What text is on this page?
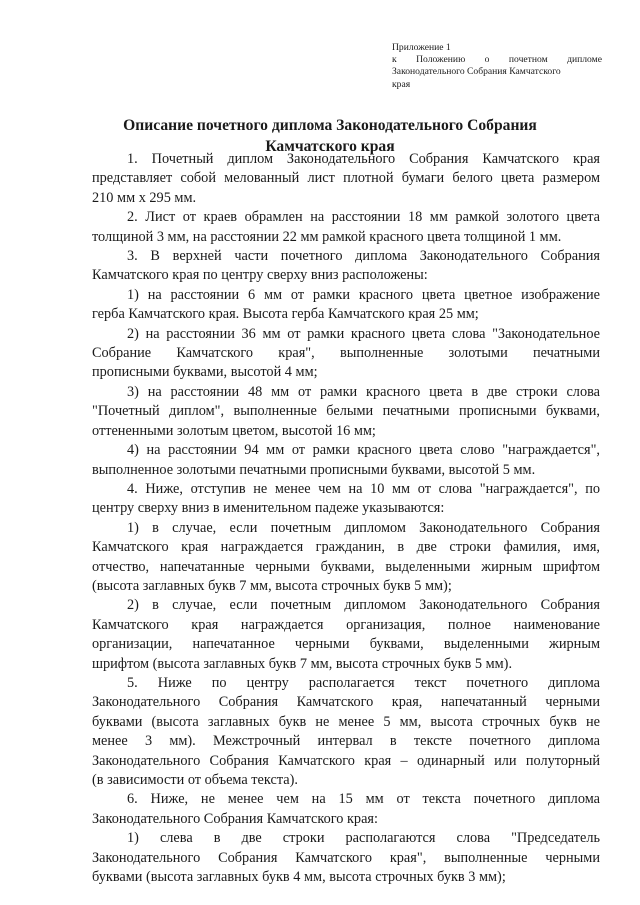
Приложение 1
к Положению о почетном дипломе
Законодательного Собрания Камчатского
края
Описание почетного диплома Законодательного Собрания
Камчатского края
1. Почетный диплом Законодательного Собрания Камчатского края
представляет собой мелованный лист плотной бумаги белого цвета размером
210 мм х 295 мм.
2. Лист от краев обрамлен на расстоянии 18 мм рамкой золотого цвета
толщиной 3 мм, на расстоянии 22 мм рамкой красного цвета толщиной 1 мм.
3. В верхней части почетного диплома Законодательного Собрания
Камчатского края по центру сверху вниз расположены:
1) на расстоянии 6 мм от рамки красного цвета цветное изображение
герба Камчатского края. Высота герба Камчатского края 25 мм;
2) на расстоянии 36 мм от рамки красного цвета слова "Законодательное
Собрание Камчатского края", выполненные золотыми печатными
прописными буквами, высотой 4 мм;
3) на расстоянии 48 мм от рамки красного цвета в две строки слова
"Почетный диплом", выполненные белыми печатными прописными буквами,
оттененными золотым цветом, высотой 16 мм;
4) на расстоянии 94 мм от рамки красного цвета слово "награждается",
выполненное золотыми печатными прописными буквами, высотой 5 мм.
4. Ниже, отступив не менее чем на 10 мм от слова "награждается", по
центру сверху вниз в именительном падеже указываются:
1) в случае, если почетным дипломом Законодательного Собрания
Камчатского края награждается гражданин, в две строки фамилия, имя,
отчество, напечатанные черными буквами, выделенными жирным шрифтом
(высота заглавных букв 7 мм, высота строчных букв 5 мм);
2) в случае, если почетным дипломом Законодательного Собрания
Камчатского края награждается организация, полное наименование
организации, напечатанное черными буквами, выделенными жирным
шрифтом (высота заглавных букв 7 мм, высота строчных букв 5 мм).
5. Ниже по центру располагается текст почетного диплома
Законодательного Собрания Камчатского края, напечатанный черными
буквами (высота заглавных букв не менее 5 мм, высота строчных букв не
менее 3 мм). Межстрочный интервал в тексте почетного диплома
Законодательного Собрания Камчатского края – одинарный или полуторный
(в зависимости от объема текста).
6. Ниже, не менее чем на 15 мм от текста почетного диплома
Законодательного Собрания Камчатского края:
1) слева в две строки располагаются слова "Председатель
Законодательного Собрания Камчатского края", выполненные черными
буквами (высота заглавных букв 4 мм, высота строчных букв 3 мм);
